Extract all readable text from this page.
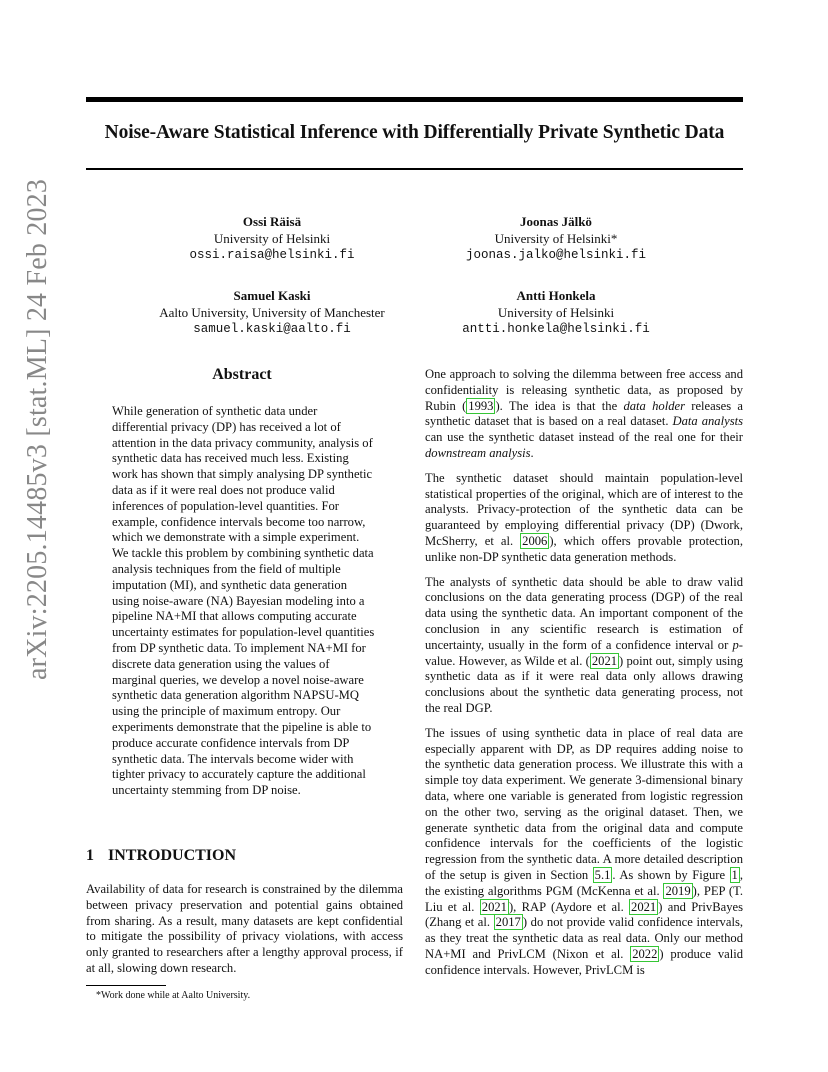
Noise-Aware Statistical Inference with Differentially Private Synthetic Data
arXiv:2205.14485v3 [stat.ML] 24 Feb 2023	Ossi Räisä
University of Helsinki
ossi.raisa@helsinki.fi
Joonas Jälkö
University of Helsinki*
joonas.jalko@helsinki.fi
Samuel Kaski
Aalto University, University of Manchester
samuel.kaski@aalto.fi
Antti Honkela
University of Helsinki
antti.honkela@helsinki.fi
Abstract

While generation of synthetic data under differential privacy (DP) has received a lot of attention in the data privacy community, analysis of synthetic data has received much less. Existing work has shown that simply analysing DP synthetic data as if it were real does not produce valid inferences of population-level quantities. For example, confidence intervals become too narrow, which we demonstrate with a simple experiment. We tackle this problem by combining synthetic data analysis techniques from the field of multiple imputation (MI), and synthetic data generation using noise-aware (NA) Bayesian modeling into a pipeline NA+MI that allows computing accurate uncertainty estimates for population-level quantities from DP synthetic data. To implement NA+MI for discrete data generation using the values of marginal queries, we develop a novel noise-aware synthetic data generation algorithm NAPSU-MQ using the principle of maximum entropy. Our experiments demonstrate that the pipeline is able to produce accurate confidence intervals from DP synthetic data. The intervals become wider with tighter privacy to accurately capture the additional uncertainty stemming from DP noise.

1 INTRODUCTION

Availability of data for research is constrained by the dilemma between privacy preservation and potential gains obtained from sharing. As a result, many datasets are kept confidential to mitigate the possibility of privacy violations, with access only granted to researchers after a lengthy approval process, if at all, slowing down research.

*Work done while at Aalto University.

One approach to solving the dilemma between free access and confidentiality is releasing synthetic data, as proposed by Rubin ( 1993 ). The idea is that the data holder releases a synthetic dataset that is based on a real dataset. Data analysts can use the synthetic dataset instead of the real one for their downstream analysis.

The synthetic dataset should maintain population-level statistical properties of the original, which are of interest to the analysts. Privacy-protection of the synthetic data can be guaranteed by employing differential privacy (DP) (Dwork, McSherry, et al. 2006 ), which offers provable protection, unlike non-DP synthetic data generation methods.

The analysts of synthetic data should be able to draw valid conclusions on the data generating process (DGP) of the real data using the synthetic data. An important component of the conclusion in any scientific research is estimation of uncertainty, usually in the form of a confidence interval or p-value. However, as Wilde et al. ( 2021 ) point out, simply using synthetic data as if it were real data only allows drawing conclusions about the synthetic data generating process, not the real DGP.

The issues of using synthetic data in place of real data are especially apparent with DP, as DP requires adding noise to the synthetic data generation process. We illustrate this with a simple toy data experiment. We generate 3-dimensional binary data, where one variable is generated from logistic regression on the other two, serving as the original dataset. Then, we generate synthetic data from the original data and compute confidence intervals for the coefficients of the logistic regression from the synthetic data. A more detailed description of the setup is given in Section 5.1 . As shown by Figure 1 , the existing algorithms PGM (McKenna et al. 2019 ), PEP (T. Liu et al. 2021 ), RAP (Aydore et al. 2021 ) and PrivBayes (Zhang et al. 2017 ) do not provide valid confidence intervals, as they treat the synthetic data as real data. Only our method NA+MI and PrivLCM (Nixon et al. 2022 ) produce valid confidence intervals. However, PrivLCM is
